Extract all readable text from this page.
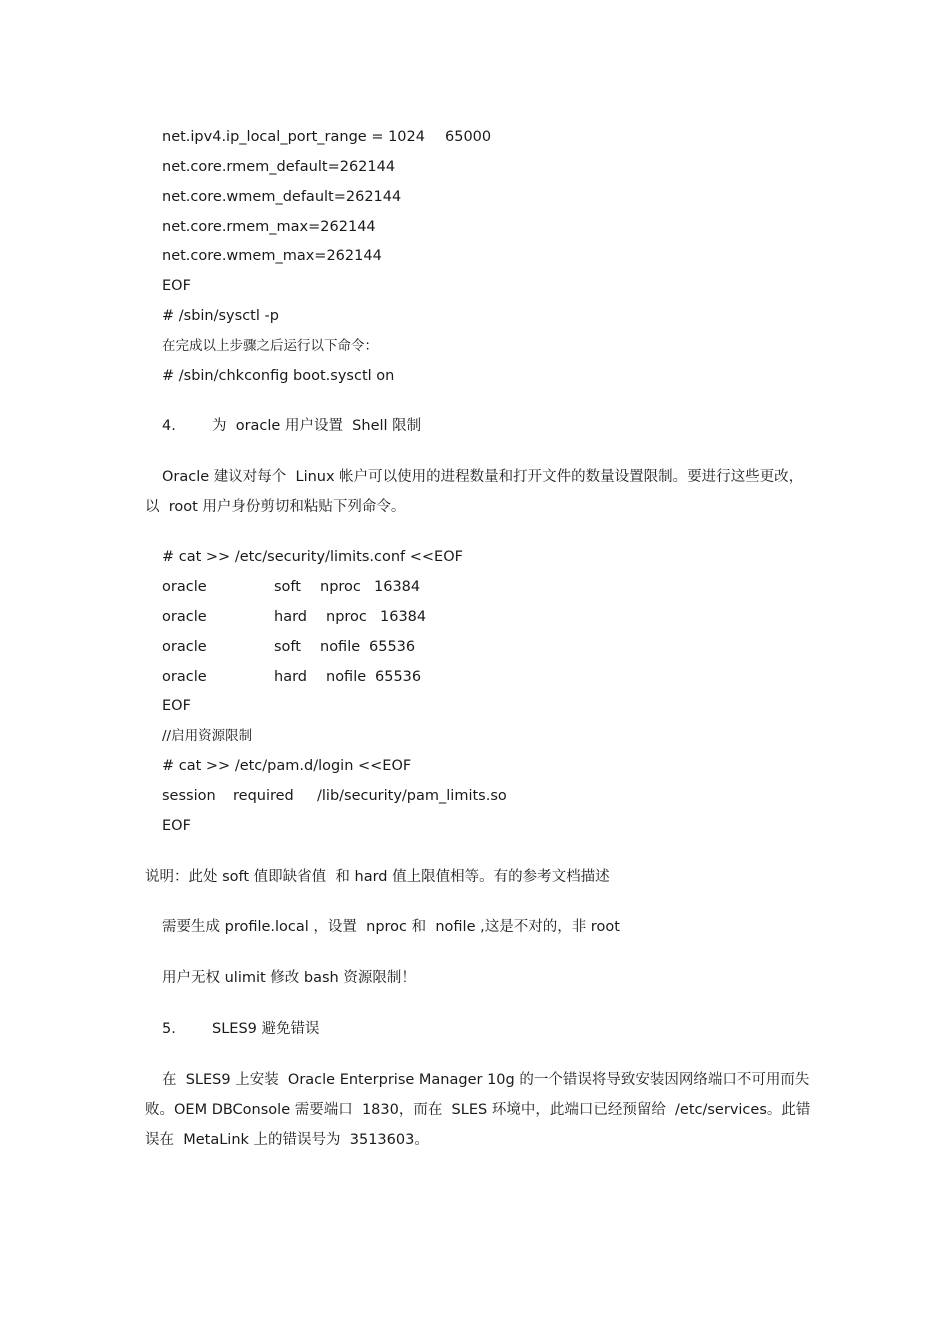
net.ipv4.ip_local_port_range = 1024 65000
net.core.rmem_default=262144
net.core.wmem_default=262144
net.core.rmem_max=262144
net.core.wmem_max=262144
EOF
# /sbin/sysctl -p
在完成以上步骤之后运行以下命令：
# /sbin/chkconfig boot.sysctl on
4. 为  oracle 用户设置  Shell 限制
Oracle 建议对每个  Linux 帐户可以使用的进程数量和打开文件的数量设置限制。要进行这些更改，
以  root 用户身份剪切和粘贴下列命令。
# cat >> /etc/security/limits.conf <<EOF
oracle	soft nproc 16384
oracle	hard nproc 16384
oracle	soft nofile 65536
oracle	hard nofile 65536
EOF
//启用资源限制
# cat >> /etc/pam.d/login <<EOF
session required /lib/security/pam_limits.so
EOF
说明：此处 soft 值即缺省值  和 hard 值上限值相等。有的参考文档描述
需要生成 profile.local ，设置  nproc 和  nofile ,这是不对的，非 root
用户无权 ulimit 修改 bash 资源限制！
5. SLES9 避免错误
在  SLES9 上安装  Oracle Enterprise Manager 10g 的一个错误将导致安装因网络端口不可用而失
败。OEM DBConsole 需要端口  1830，而在  SLES 环境中，此端口已经预留给  /etc/services。此错
误在  MetaLink 上的错误号为  3513603。
